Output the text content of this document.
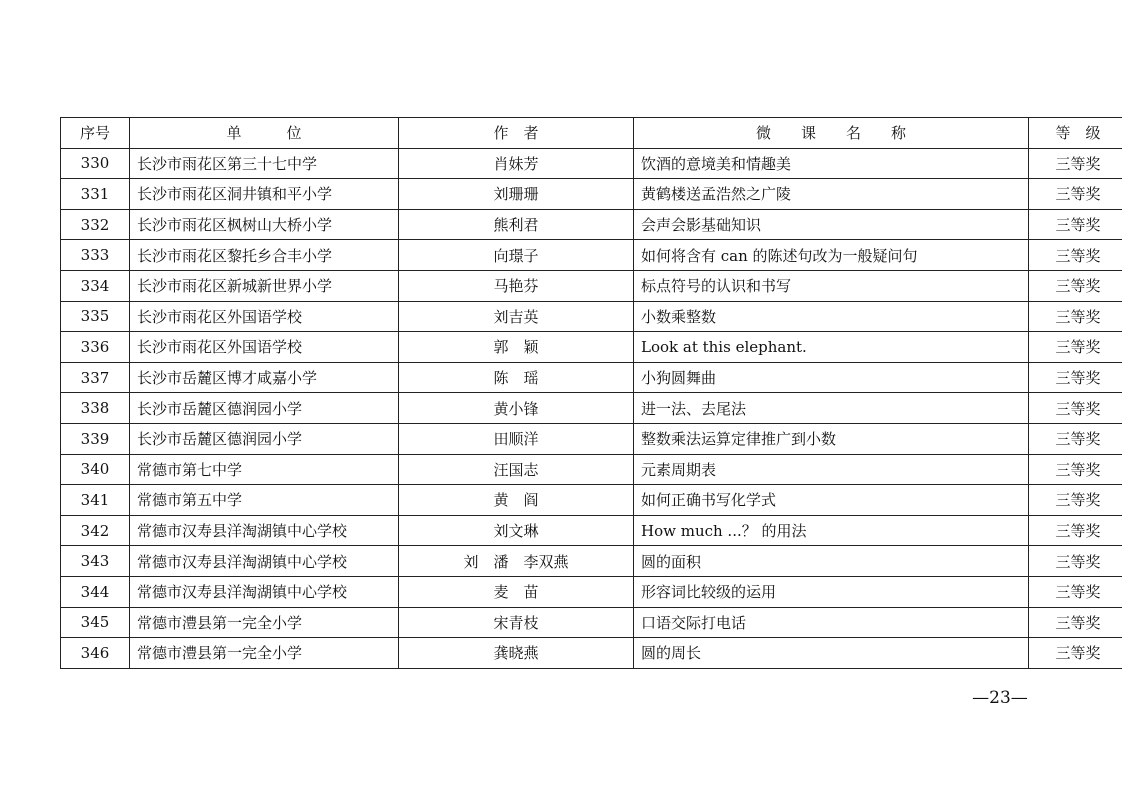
序号	单　　　位	作　者	微　　课　　名　　称	等　级
330	长沙市雨花区第三十七中学	肖妹芳	饮酒的意境美和情趣美	三等奖
331	长沙市雨花区洞井镇和平小学	刘珊珊	黄鹤楼送孟浩然之广陵	三等奖
332	长沙市雨花区枫树山大桥小学	熊利君	会声会影基础知识	三等奖
333	长沙市雨花区黎托乡合丰小学	向璟子	如何将含有 can 的陈述句改为一般疑问句	三等奖
334	长沙市雨花区新城新世界小学	马艳芬	标点符号的认识和书写	三等奖
335	长沙市雨花区外国语学校	刘吉英	小数乘整数	三等奖
336	长沙市雨花区外国语学校	郭　颖	Look at this elephant.	三等奖
337	长沙市岳麓区博才咸嘉小学	陈　瑶	小狗圆舞曲	三等奖
338	长沙市岳麓区德润园小学	黄小锋	进一法、去尾法	三等奖
339	长沙市岳麓区德润园小学	田顺洋	整数乘法运算定律推广到小数	三等奖
340	常德市第七中学	汪国志	元素周期表	三等奖
341	常德市第五中学	黄　阎	如何正确书写化学式	三等奖
342	常德市汉寿县洋淘湖镇中心学校	刘文琳	How much ...？ 的用法	三等奖
343	常德市汉寿县洋淘湖镇中心学校	刘　潘　李双燕	圆的面积	三等奖
344	常德市汉寿县洋淘湖镇中心学校	麦　苗	形容词比较级的运用	三等奖
345	常德市澧县第一完全小学	宋青枝	口语交际打电话	三等奖
346	常德市澧县第一完全小学	龚晓燕	圆的周长	三等奖
—23—
